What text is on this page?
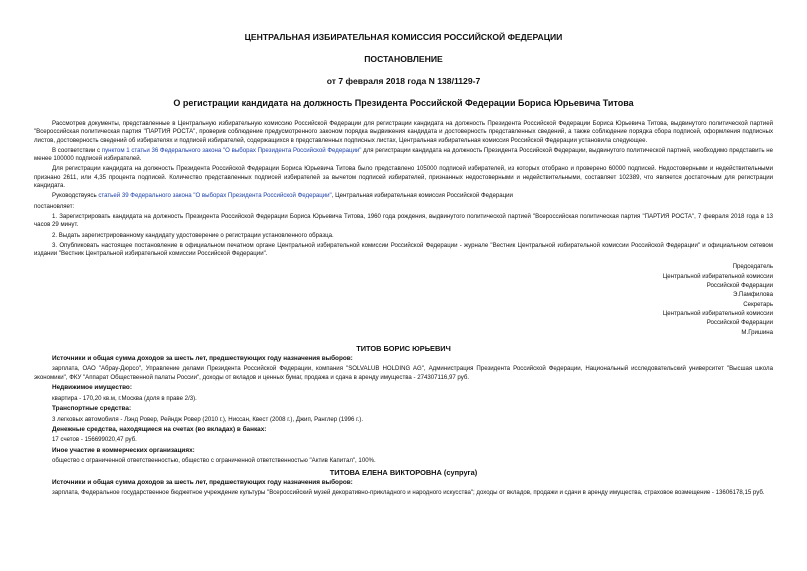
ЦЕНТРАЛЬНАЯ ИЗБИРАТЕЛЬНАЯ КОМИССИЯ РОССИЙСКОЙ ФЕДЕРАЦИИ
ПОСТАНОВЛЕНИЕ
от 7 февраля 2018 года N 138/1129-7
О регистрации кандидата на должность Президента Российской Федерации Бориса Юрьевича Титова

Рассмотрев документы, представленные в Центральную избирательную комиссию Российской Федерации для регистрации кандидата на должность Президента Российской Федерации Бориса Юрьевича Титова, выдвинутого политической партией "Всероссийская политическая партия "ПАРТИЯ РОСТА", проверив соблюдение предусмотренного законом порядка выдвижения кандидата и достоверность представленных сведений, а также соблюдение порядка сбора подписей, оформления подписных листов, достоверность сведений об избирателях и подписей избирателей, содержащихся в представленных подписных листах, Центральная избирательная комиссия Российской Федерации установила следующее.

В соответствии с пунктом 1 статьи 36 Федерального закона "О выборах Президента Российской Федерации" для регистрации кандидата на должность Президента Российской Федерации, выдвинутого политической партией, необходимо представить не менее 100000 подписей избирателей.

Для регистрации кандидата на должность Президента Российской Федерации Бориса Юрьевича Титова было представлено 105000 подписей избирателей, из которых отобрано и проверено 60000 подписей. Недостоверными и недействительными признано 2611, или 4,35 процента подписей. Количество представленных подписей избирателей за вычетом подписей избирателей, признанных недостоверными и недействительными, составляет 102389, что является достаточным для регистрации кандидата.

Руководствуясь статьей 39 Федерального закона "О выборах Президента Российской Федерации", Центральная избирательная комиссия Российской Федерации

постановляет:

1. Зарегистрировать кандидата на должность Президента Российской Федерации Бориса Юрьевича Титова, 1960 года рождения, выдвинутого политической партией "Всероссийская политическая партия "ПАРТИЯ РОСТА", 7 февраля 2018 года в 13 часов 29 минут.

2. Выдать зарегистрированному кандидату удостоверение о регистрации установленного образца.

3. Опубликовать настоящее постановление в официальном печатном органе Центральной избирательной комиссии Российской Федерации - журнале "Вестник Центральной избирательной комиссии Российской Федерации" и официальном сетевом издании "Вестник Центральной избирательной комиссии Российской Федерации".

Председатель
Центральной избирательной комиссии
Российской Федерации
Э.Памфилова
Секретарь
Центральной избирательной комиссии
Российской Федерации
М.Гришина
ТИТОВ БОРИС ЮРЬЕВИЧ
Источники и общая сумма доходов за шесть лет, предшествующих году назначения выборов:
зарплата, ОАО "Абрау-Дюрсо", Управление делами Президента Российской Федерации, компания "SOLVALUB HOLDING AG", Администрация Президента Российской Федерации, Национальный исследовательский университет "Высшая школа экономики", ФКУ "Аппарат Общественной палаты России", доходы от вкладов и ценных бумаг, продажа и сдача в аренду имущества - 274307116,97 руб.
Недвижимое имущество:
квартира - 170,20 кв.м, г.Москва (доля в праве 2/3).
Транспортные средства:
3 легковых автомобиля - Лэнд Ровер, Рейндж Ровер (2010 г.), Ниссан, Квест (2008 г.), Джип, Ранглер (1996 г.).
Денежные средства, находящиеся на счетах (во вкладах) в банках:
17 счетов - 156699020,47 руб.
Иное участие в коммерческих организациях:
общество с ограниченной ответственностью, общество с ограниченной ответственностью "Актив Капитал", 100%.
ТИТОВА ЕЛЕНА ВИКТОРОВНА (супруга)
Источники и общая сумма доходов за шесть лет, предшествующих году назначения выборов:
зарплата, Федеральное государственное бюджетное учреждение культуры "Всероссийский музей декоративно-прикладного и народного искусства"; доходы от вкладов, продажи и сдачи в аренду имущества, страховое возмещение - 13606178,15 руб.
